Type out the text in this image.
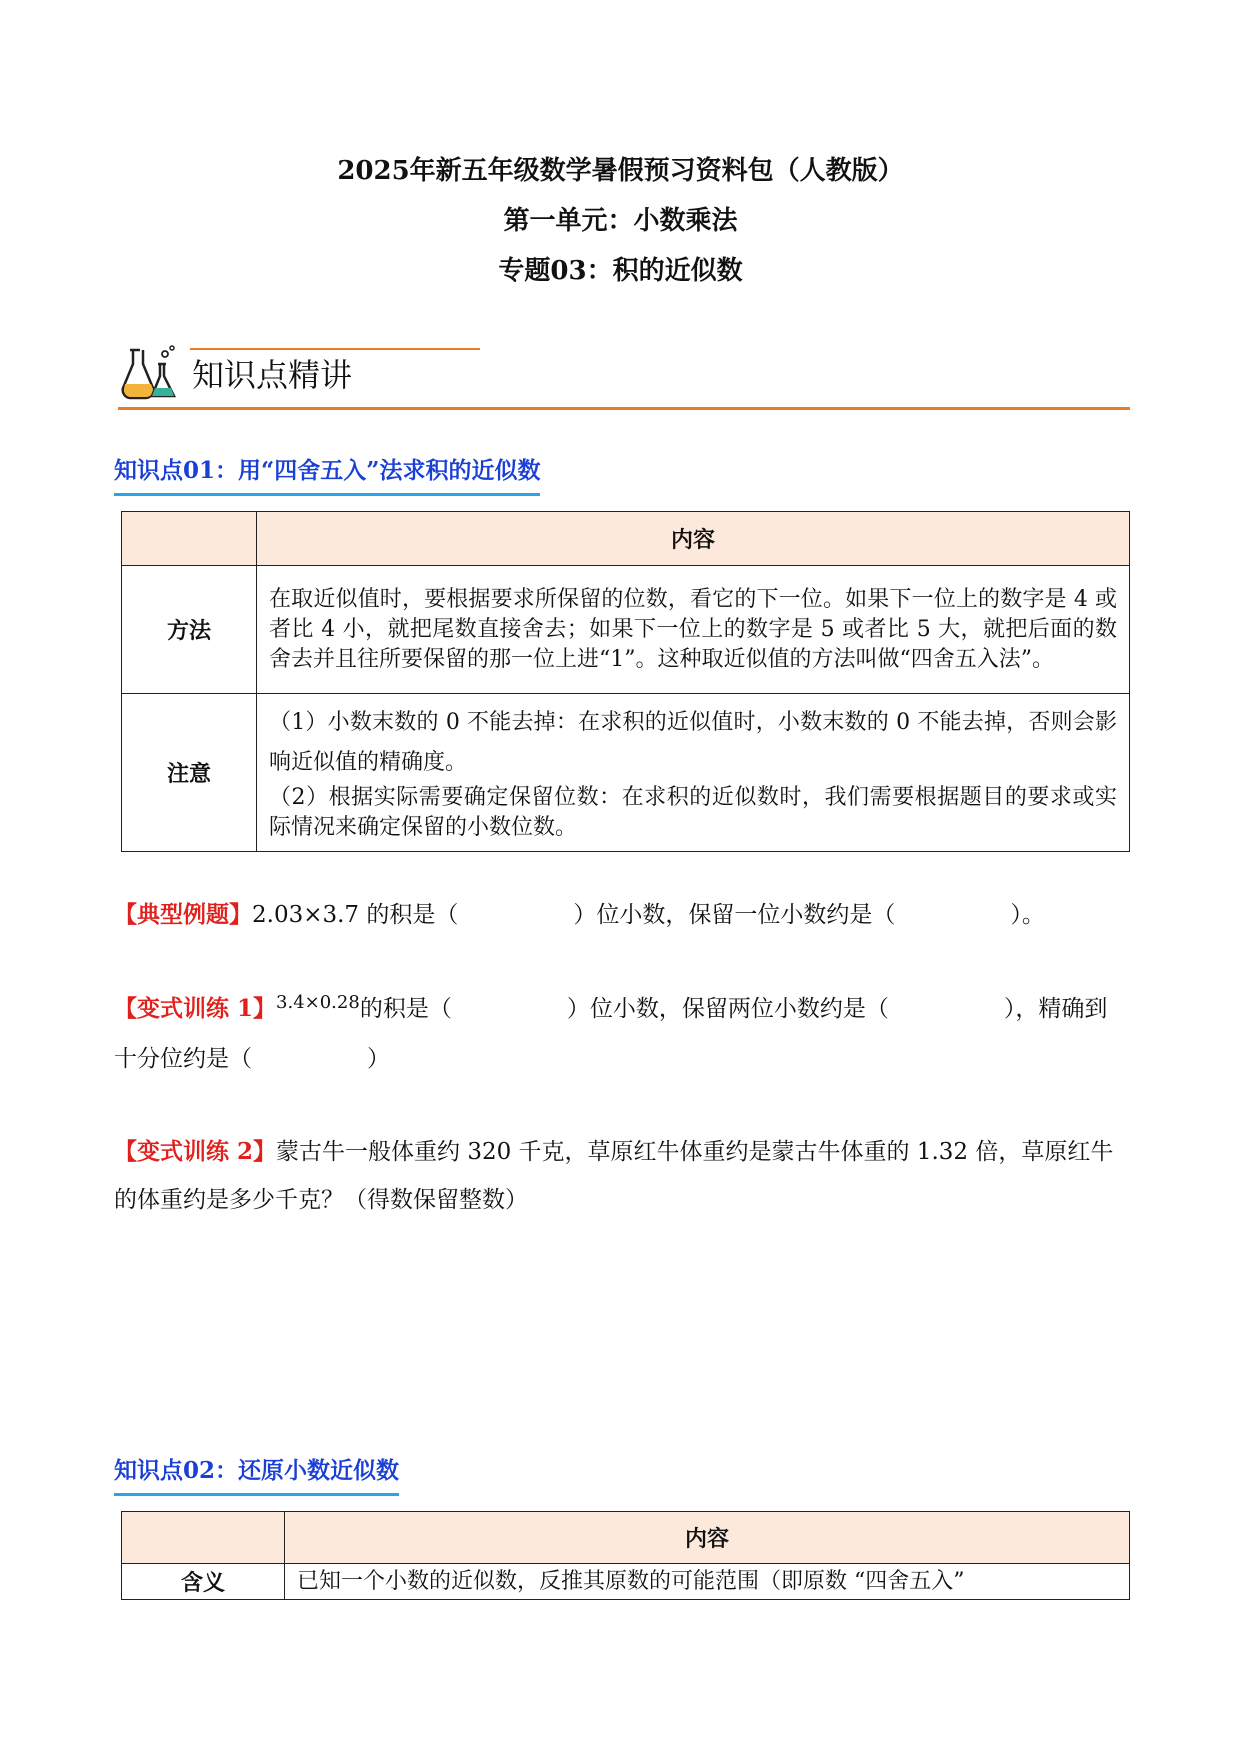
2025年新五年级数学暑假预习资料包（人教版）
第一单元：小数乘法
专题03：积的近似数
知识点精讲
知识点01：用“四舍五入”法求积的近似数
	内容
方法	在取近似值时，要根据要求所保留的位数，看它的下一位。如果下一位上的数字是 4 或者比 4 小，就把尾数直接舍去；如果下一位上的数字是 5 或者比 5 大，就把后面的数舍去并且往所要保留的那一位上进“1”。这种取近似值的方法叫做“四舍五入法”。
注意	（1）小数末数的 0 不能去掉：在求积的近似值时，小数末数的 0 不能去掉，否则会影响近似值的精确度。

（2）根据实际需要确定保留位数：在求积的近似数时，我们需要根据题目的要求或实际情况来确定保留的小数位数。

【典型例题】2.03×3.7 的积是（　　　　　）位小数，保留一位小数约是（　　　　　）。
【变式训练 1】$^{3.4\times 0.28}$的积是（　　　　　）位小数，保留两位小数约是（　　　　　），精确到十分位约是（　　　　　）
【变式训练 2】蒙古牛一般体重约 320 千克，草原红牛体重约是蒙古牛体重的 1.32 倍，草原红牛的体重约是多少千克？（得数保留整数）
知识点02：还原小数近似数
	内容
含义	已知一个小数的近似数，反推其原数的可能范围（即原数 “四舍五入”
